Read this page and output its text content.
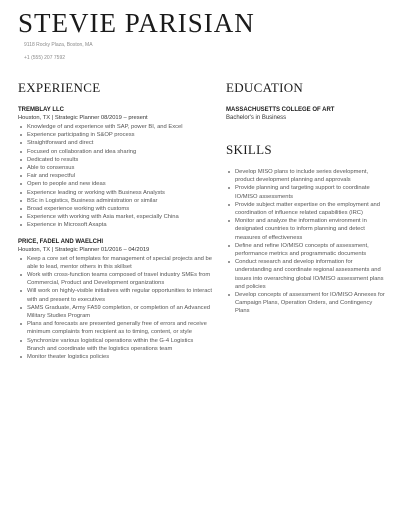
STEVIE PARISIAN
9118 Rocky Plaza, Boston, MA
+1 (555) 207 7592
EXPERIENCE
TREMBLAY LLC
Houston, TX | Strategic Planner 08/2019 – present
Knowledge of and experience with SAP, power BI, and Excel
Experience participating in S&OP process
Straightforward and direct
Focused on collaboration and idea sharing
Dedicated to results
Able to consensus
Fair and respectful
Open to people and new ideas
Experience leading or working with Business Analysts
BSc in Logistics, Business administration or similar
Broad experience working with customs
Experience with working with Asia market, especially China
Experience in Microsoft Axapta
PRICE, FADEL AND WAELCHI
Houston, TX | Strategic Planner 01/2016 – 04/2019
Keep a core set of templates for management of special projects and be able to lead, mentor others in this skillset
Work with cross-function teams composed of travel industry SMEs from Commercial, Product and Development organizations
Will work on highly-visible initiatives with regular opportunities to interact with and present to executives
SAMS Graduate, Army FA59 completion, or completion of an Advanced Military Studies Program
Plans and forecasts are presented generally free of errors and receive minimum complaints from recipient as to timing, content, or style
Synchronize various logistical operations within the G-4 Logistics Branch and coordinate with the logistics operations team
Monitor theater logistics policies
EDUCATION
MASSACHUSETTS COLLEGE OF ART
Bachelor's in Business
SKILLS
Develop MISO plans to include series development, product development planning and approvals
Provide planning and targeting support to coordinate IO/MISO assessments
Provide subject matter expertise on the employment and coordination of influence related capabilities (IRC)
Monitor and analyze the information environment in designated countries to inform planning and detect measures of effectiveness
Define and refine IO/MISO concepts of assessment, performance metrics and programmatic documents
Conduct research and develop information for understanding and coordinate regional assessments and issues into overarching global IO/MISO assessment plans and policies
Develop concepts of assessment for IO/MISO Annexes for Campaign Plans, Operation Orders, and Contingency Plans
